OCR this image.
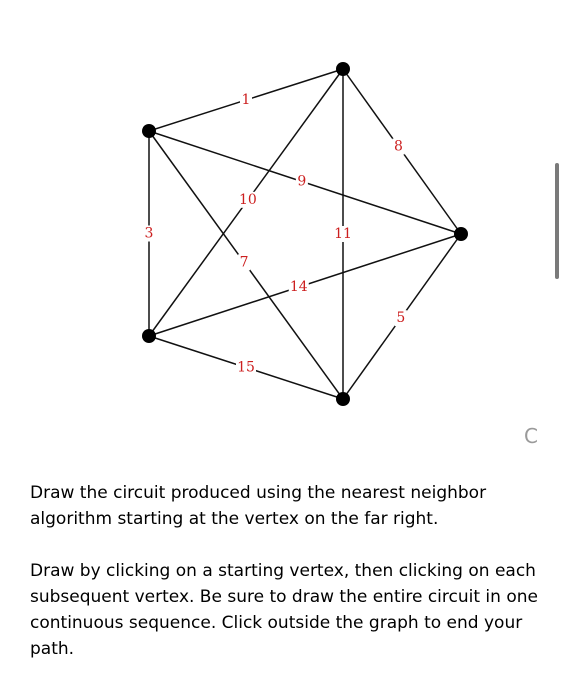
1
3
7
9
8
10
11
5
14
15
C

Draw the circuit produced using the nearest neighbor algorithm starting at the vertex on the far right.

Draw by clicking on a starting vertex, then clicking on each subsequent vertex. Be sure to draw the entire circuit in one continuous sequence. Click outside the graph to end your path.
